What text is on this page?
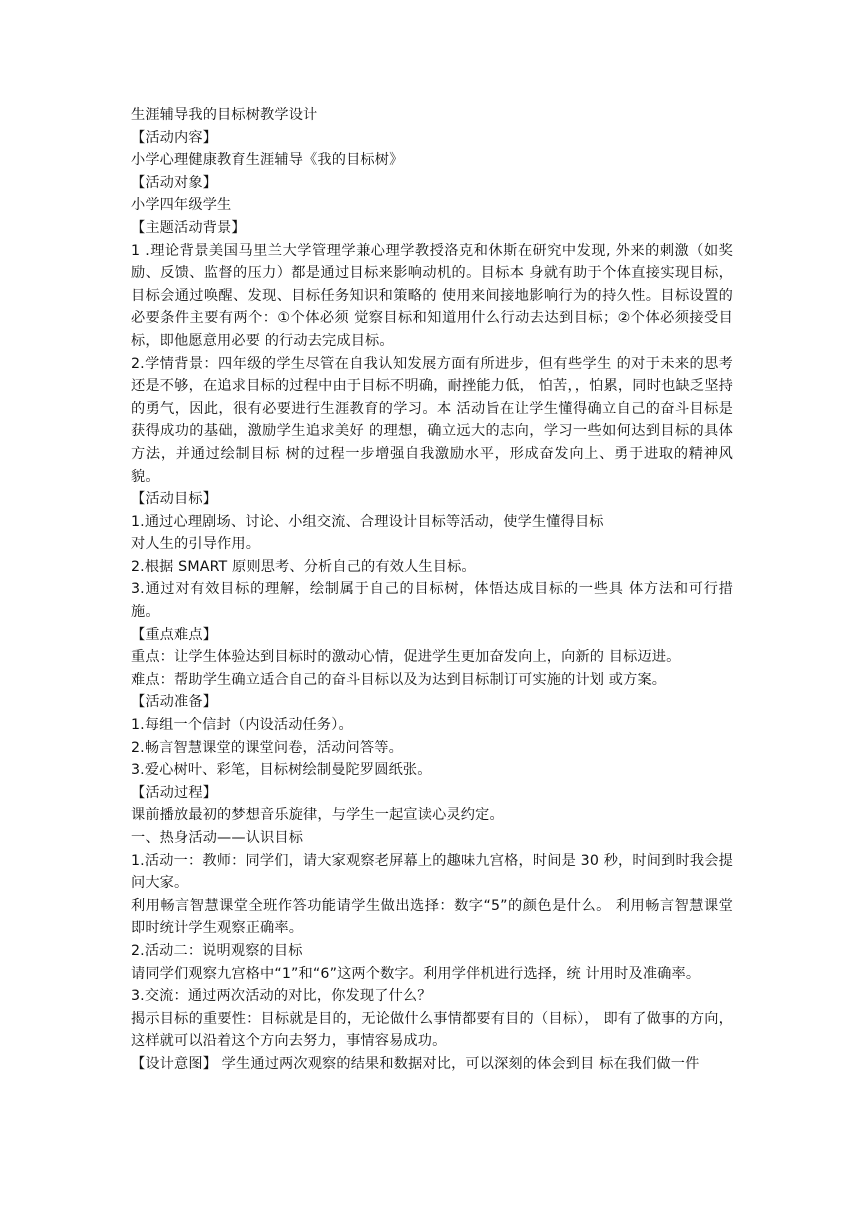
生涯辅导我的目标树教学设计
【活动内容】
小学心理健康教育生涯辅导《我的目标树》
【活动对象】
小学四年级学生
【主题活动背景】
1 .理论背景美国马里兰大学管理学兼心理学教授洛克和休斯在研究中发现, 外来的刺激（如奖励、反馈、监督的压力）都是通过目标来影响动机的。目标本 身就有助于个体直接实现目标，目标会通过唤醒、发现、目标任务知识和策略的 使用来间接地影响行为的持久性。目标设置的必要条件主要有两个：①个体必须 觉察目标和知道用什么行动去达到目标；②个体必须接受目标，即他愿意用必要 的行动去完成目标。
2.学情背景：四年级的学生尽管在自我认知发展方面有所进步，但有些学生 的对于未来的思考还是不够，在追求目标的过程中由于目标不明确，耐挫能力低， 怕苦，，怕累，同时也缺乏坚持的勇气，因此，很有必要进行生涯教育的学习。本 活动旨在让学生懂得确立自己的奋斗目标是获得成功的基础，激励学生追求美好 的理想，确立远大的志向，学习一些如何达到目标的具体方法，并通过绘制目标 树的过程一步增强自我激励水平，形成奋发向上、勇于进取的精神风貌。
【活动目标】
1.通过心理剧场、讨论、小组交流、合理设计目标等活动，使学生懂得目标
对人生的引导作用。
2.根据 SMART 原则思考、分析自己的有效人生目标。
3.通过对有效目标的理解，绘制属于自己的目标树，体悟达成目标的一些具 体方法和可行措施。
【重点难点】
重点：让学生体验达到目标时的激动心情，促进学生更加奋发向上，向新的 目标迈进。
难点：帮助学生确立适合自己的奋斗目标以及为达到目标制订可实施的计划 或方案。
【活动准备】
1.每组一个信封（内设活动任务）。
2.畅言智慧课堂的课堂问卷，活动问答等。
3.爱心树叶、彩笔，目标树绘制曼陀罗圆纸张。
【活动过程】
课前播放最初的梦想音乐旋律，与学生一起宣读心灵约定。
一、热身活动——认识目标
1.活动一：教师：同学们，请大家观察老屏幕上的趣味九宫格，时间是 30 秒，时间到时我会提问大家。
利用畅言智慧课堂全班作答功能请学生做出选择：数字“5”的颜色是什么。 利用畅言智慧课堂即时统计学生观察正确率。
2.活动二：说明观察的目标
请同学们观察九宫格中“1”和“6”这两个数字。利用学伴机进行选择，统 计用时及准确率。
3.交流：通过两次活动的对比，你发现了什么？
揭示目标的重要性：目标就是目的，无论做什么事情都要有目的（目标）， 即有了做事的方向，这样就可以沿着这个方向去努力，事情容易成功。
【设计意图】 学生通过两次观察的结果和数据对比，可以深刻的体会到目 标在我们做一件
